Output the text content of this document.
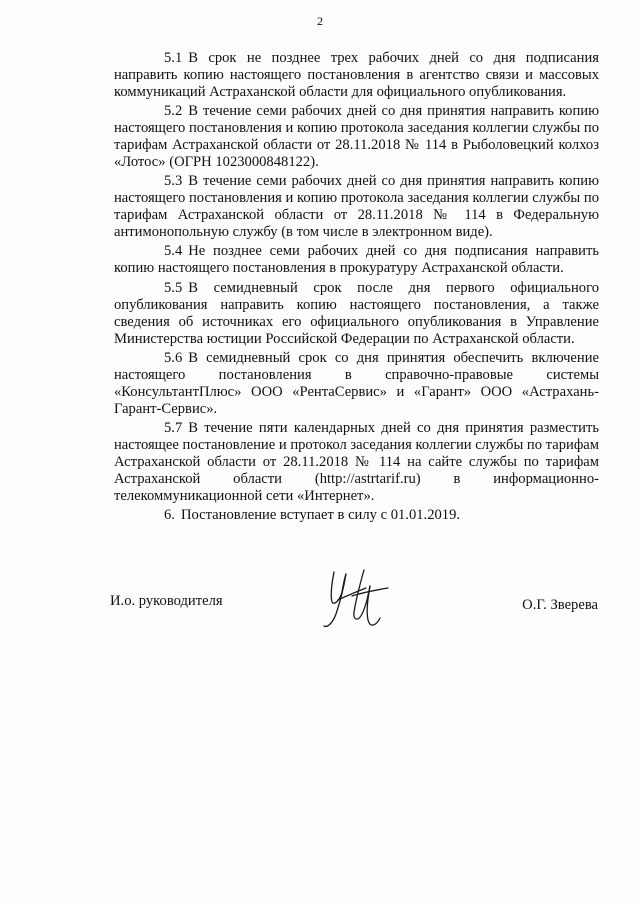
2

5.1 В срок не позднее трех рабочих дней со дня подписания направить копию настоящего постановления в агентство связи и массовых коммуникаций Астраханской области для официального опубликования.

5.2 В течение семи рабочих дней со дня принятия направить копию настоящего постановления и копию протокола заседания коллегии службы по тарифам Астраханской области от 28.11.2018 № 114 в Рыболовецкий колхоз «Лотос» (ОГРН 1023000848122).

5.3 В течение семи рабочих дней со дня принятия направить копию настоящего постановления и копию протокола заседания коллегии службы по тарифам Астраханской области от 28.11.2018 № 114 в Федеральную антимонопольную службу (в том числе в электронном виде).

5.4 Не позднее семи рабочих дней со дня подписания направить копию настоящего постановления в прокуратуру Астраханской области.

5.5 В семидневный срок после дня первого официального опубликования направить копию настоящего постановления, а также сведения об источниках его официального опубликования в Управление Министерства юстиции Российской Федерации по Астраханской области.

5.6 В семидневный срок со дня принятия обеспечить включение настоящего постановления в справочно-правовые системы «КонсультантПлюс» ООО «РентаСервис» и «Гарант» ООО «Астрахань-Гарант-Сервис».

5.7 В течение пяти календарных дней со дня принятия разместить настоящее постановление и протокол заседания коллегии службы по тарифам Астраханской области от 28.11.2018 № 114 на сайте службы по тарифам Астраханской области (http://astrtarif.ru) в информационно-телекоммуникационной сети «Интернет».

6. Постановление вступает в силу с 01.01.2019.

И.о. руководителя	О.Г. Зверева
